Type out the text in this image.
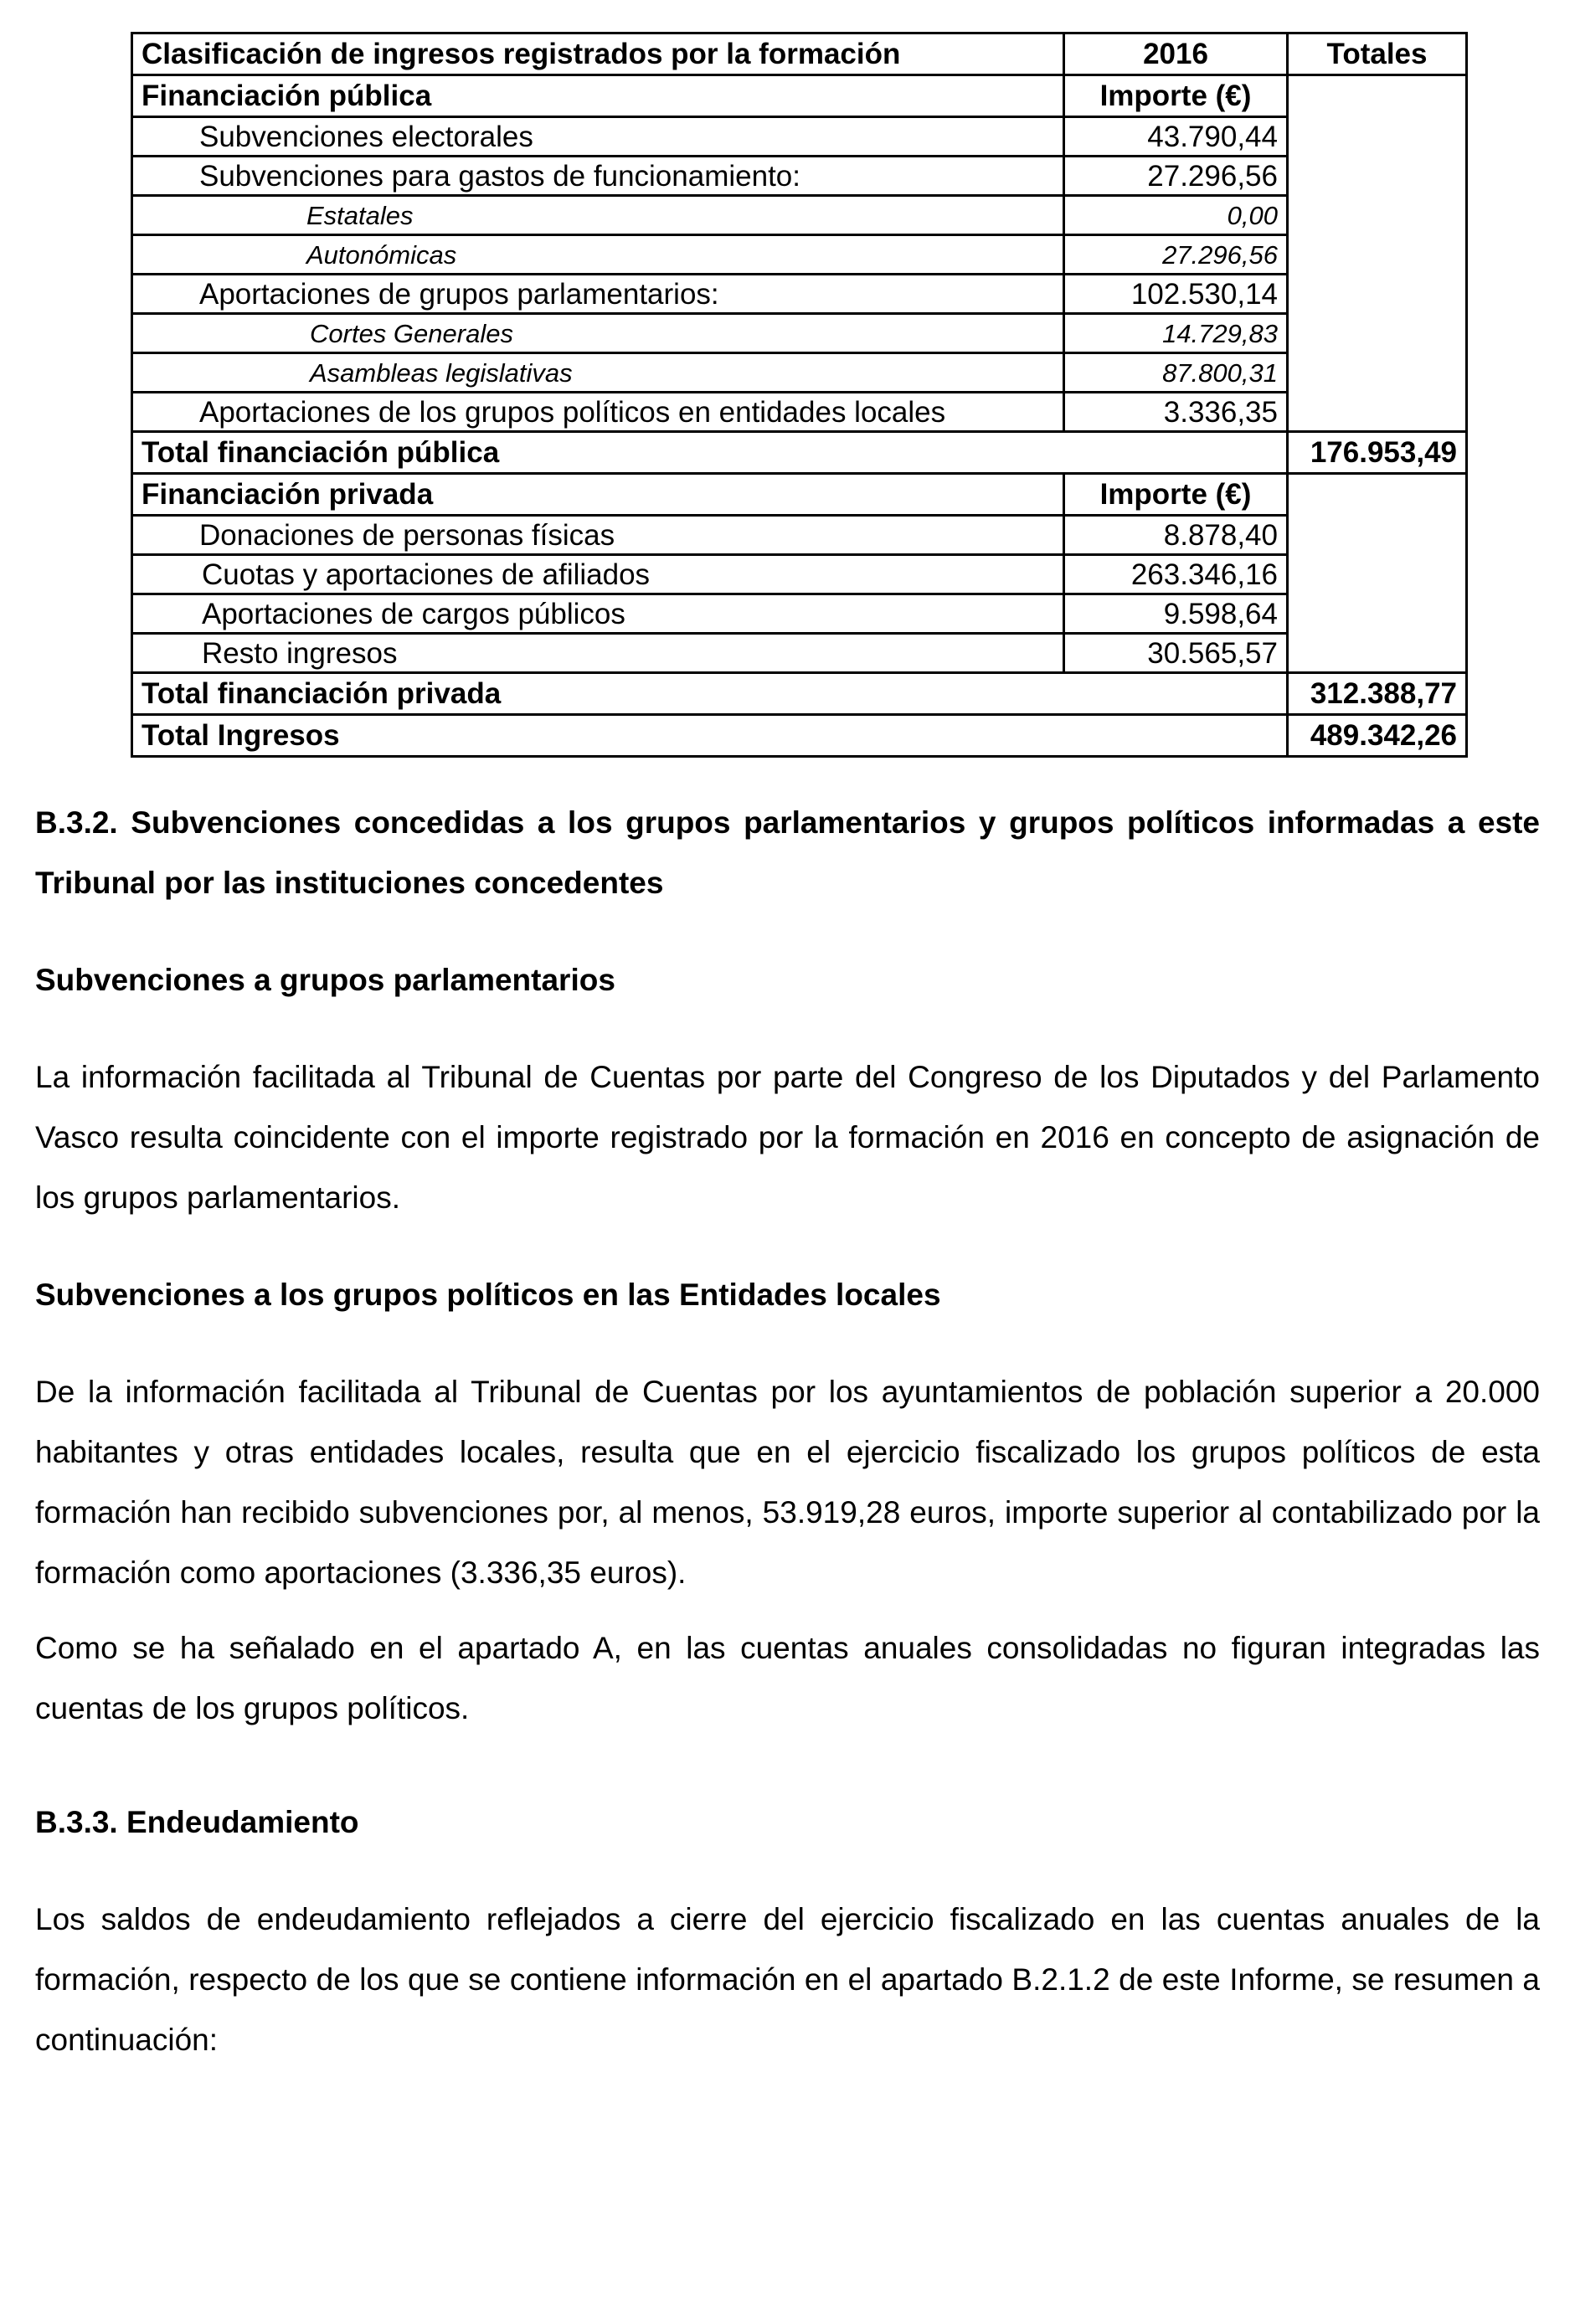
Clasificación de ingresos registrados por la formación	2016	Totales
Financiación pública	Importe (€)	
Subvenciones electorales	43.790,44	
Subvenciones para gastos de funcionamiento:	27.296,56	
Estatales	0,00	
Autonómicas	27.296,56	
Aportaciones de grupos parlamentarios:	102.530,14	
Cortes Generales	14.729,83	
Asambleas legislativas	87.800,31	
Aportaciones de los grupos políticos en entidades locales	3.336,35	
Total financiación pública		176.953,49
Financiación privada	Importe (€)	
Donaciones de personas físicas	8.878,40	
Cuotas y aportaciones de afiliados	263.346,16	
Aportaciones de cargos públicos	9.598,64	
Resto ingresos	30.565,57	
Total financiación privada		312.388,77
Total Ingresos		489.342,26

B.3.2. Subvenciones concedidas a los grupos parlamentarios y grupos políticos informadas a este Tribunal por las instituciones concedentes

Subvenciones a grupos parlamentarios

La información facilitada al Tribunal de Cuentas por parte del Congreso de los Diputados y del Parlamento Vasco resulta coincidente con el importe registrado por la formación en 2016 en concepto de asignación de los grupos parlamentarios.

Subvenciones a los grupos políticos en las Entidades locales

De la información facilitada al Tribunal de Cuentas por los ayuntamientos de población superior a 20.000 habitantes y otras entidades locales, resulta que en el ejercicio fiscalizado los grupos políticos de esta formación han recibido subvenciones por, al menos, 53.919,28 euros, importe superior al contabilizado por la formación como aportaciones (3.336,35 euros).

Como se ha señalado en el apartado A, en las cuentas anuales consolidadas no figuran integradas las cuentas de los grupos políticos.

B.3.3. Endeudamiento

Los saldos de endeudamiento reflejados a cierre del ejercicio fiscalizado en las cuentas anuales de la formación, respecto de los que se contiene información en el apartado B.2.1.2 de este Informe, se resumen a continuación:
